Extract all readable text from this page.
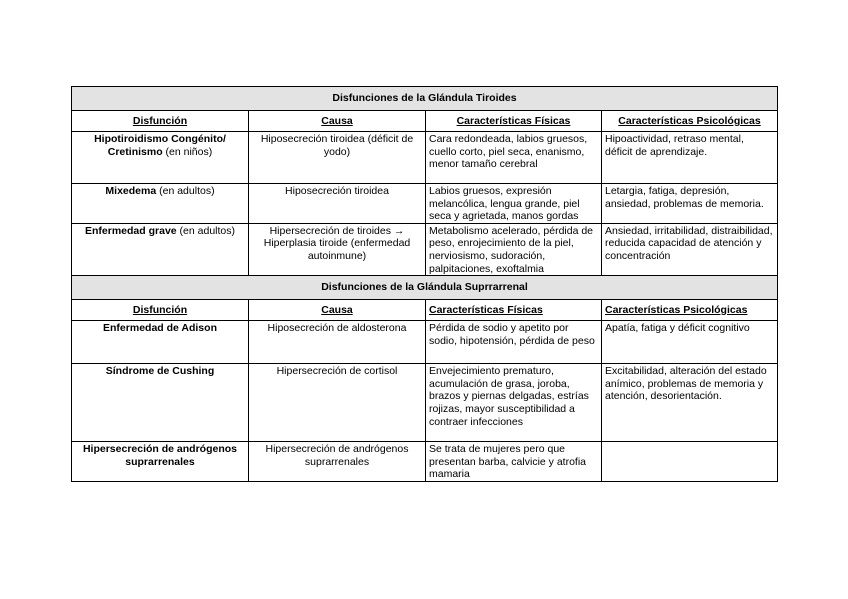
Disfunciones de la Glándula Tiroides			
Disfunción	Causa	Características Físicas	Características Psicológicas
Hipotiroidismo Congénito/ Cretinismo (en niños)	Hiposecreción tiroidea (déficit de yodo)	Cara redondeada, labios gruesos, cuello corto, piel seca, enanismo, menor tamaño cerebral	Hipoactividad, retraso mental, déficit de aprendizaje.
Mixedema (en adultos)	Hiposecreción tiroidea	Labios gruesos, expresión melancólica, lengua grande, piel seca y agrietada, manos gordas	Letargia, fatiga, depresión, ansiedad, problemas de memoria.
Enfermedad grave (en adultos)	Hipersecreción de tiroides → Hiperplasia tiroide (enfermedad autoinmune)	Metabolismo acelerado, pérdida de peso, enrojecimiento de la piel, nerviosismo, sudoración, palpitaciones, exoftalmia	Ansiedad, irritabilidad, distraibilidad, reducida capacidad de atención y concentración
Disfunciones de la Glándula Suprrarrenal			
Disfunción	Causa	Características Físicas	Características Psicológicas
Enfermedad de Adison	Hiposecreción de aldosterona	Pérdida de sodio y apetito por sodio, hipotensión, pérdida de peso	Apatía, fatiga y déficit cognitivo
Síndrome de Cushing	Hipersecreción de cortisol	Envejecimiento prematuro, acumulación de grasa, joroba, brazos y piernas delgadas, estrías rojizas, mayor susceptibilidad a contraer infecciones	Excitabilidad, alteración del estado anímico, problemas de memoria y atención, desorientación.
Hipersecreción de andrógenos suprarrenales	Hipersecreción de andrógenos suprarrenales	Se trata de mujeres pero que presentan barba, calvicie y atrofia mamaria	
